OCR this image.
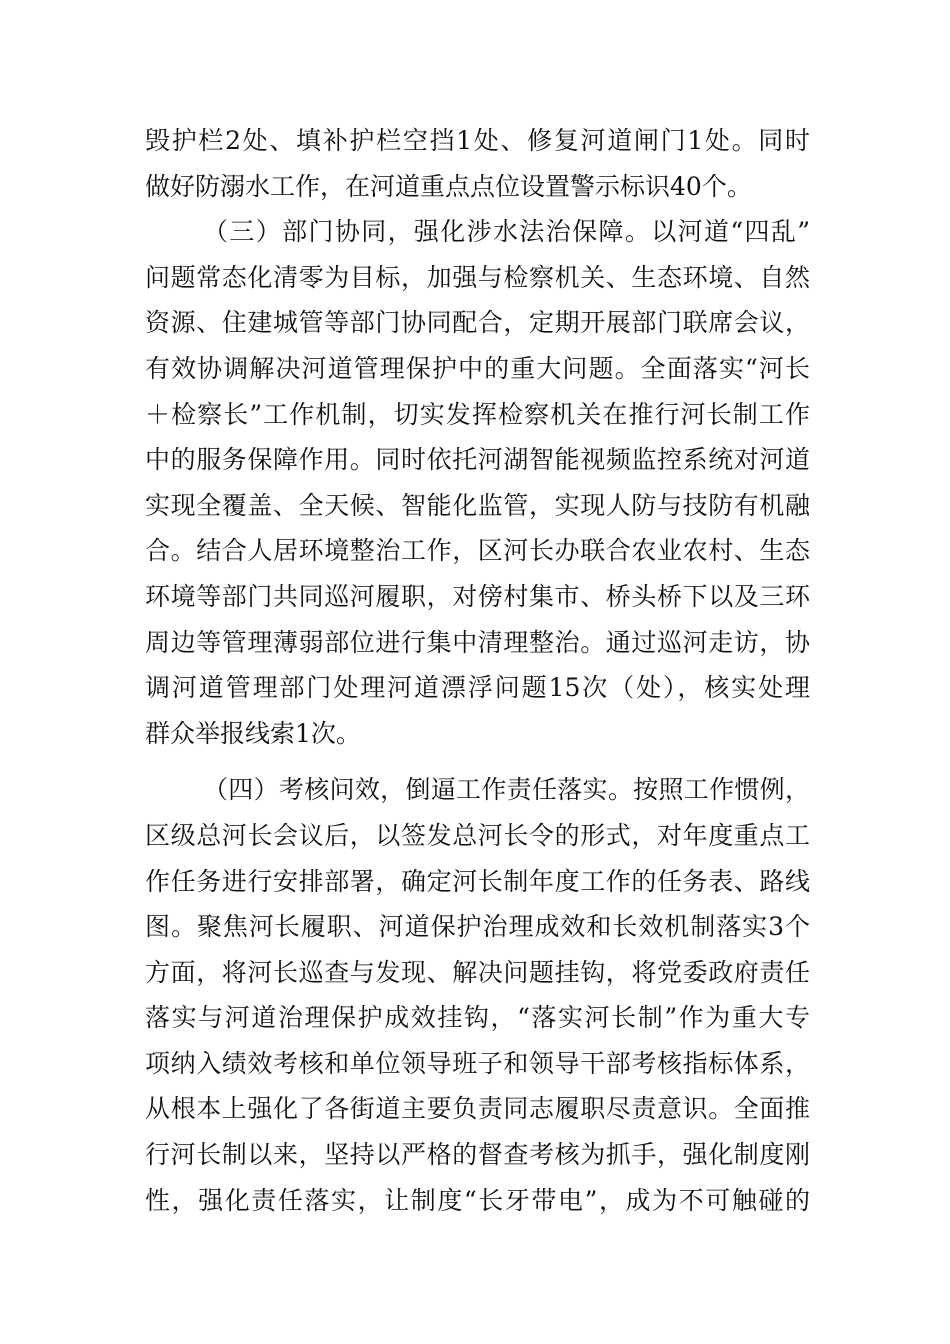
毁护栏2处、填补护栏空挡1处、修复河道闸门1处。同时
做好防溺水工作，在河道重点点位设置警示标识40个。
（三）部门协同，强化涉水法治保障。以河道“四乱”
问题常态化清零为目标，加强与检察机关、生态环境、自然
资源、住建城管等部门协同配合，定期开展部门联席会议，
有效协调解决河道管理保护中的重大问题。全面落实“河长
＋检察长”工作机制，切实发挥检察机关在推行河长制工作
中的服务保障作用。同时依托河湖智能视频监控系统对河道
实现全覆盖、全天候、智能化监管，实现人防与技防有机融
合。结合人居环境整治工作，区河长办联合农业农村、生态
环境等部门共同巡河履职，对傍村集市、桥头桥下以及三环
周边等管理薄弱部位进行集中清理整治。通过巡河走访，协
调河道管理部门处理河道漂浮问题15次（处），核实处理
群众举报线索1次。
（四）考核问效，倒逼工作责任落实。按照工作惯例，
区级总河长会议后，以签发总河长令的形式，对年度重点工
作任务进行安排部署，确定河长制年度工作的任务表、路线
图。聚焦河长履职、河道保护治理成效和长效机制落实3个
方面，将河长巡查与发现、解决问题挂钩，将党委政府责任
落实与河道治理保护成效挂钩，“落实河长制”作为重大专
项纳入绩效考核和单位领导班子和领导干部考核指标体系，
从根本上强化了各街道主要负责同志履职尽责意识。全面推
行河长制以来，坚持以严格的督查考核为抓手，强化制度刚
性，强化责任落实，让制度“长牙带电”，成为不可触碰的
